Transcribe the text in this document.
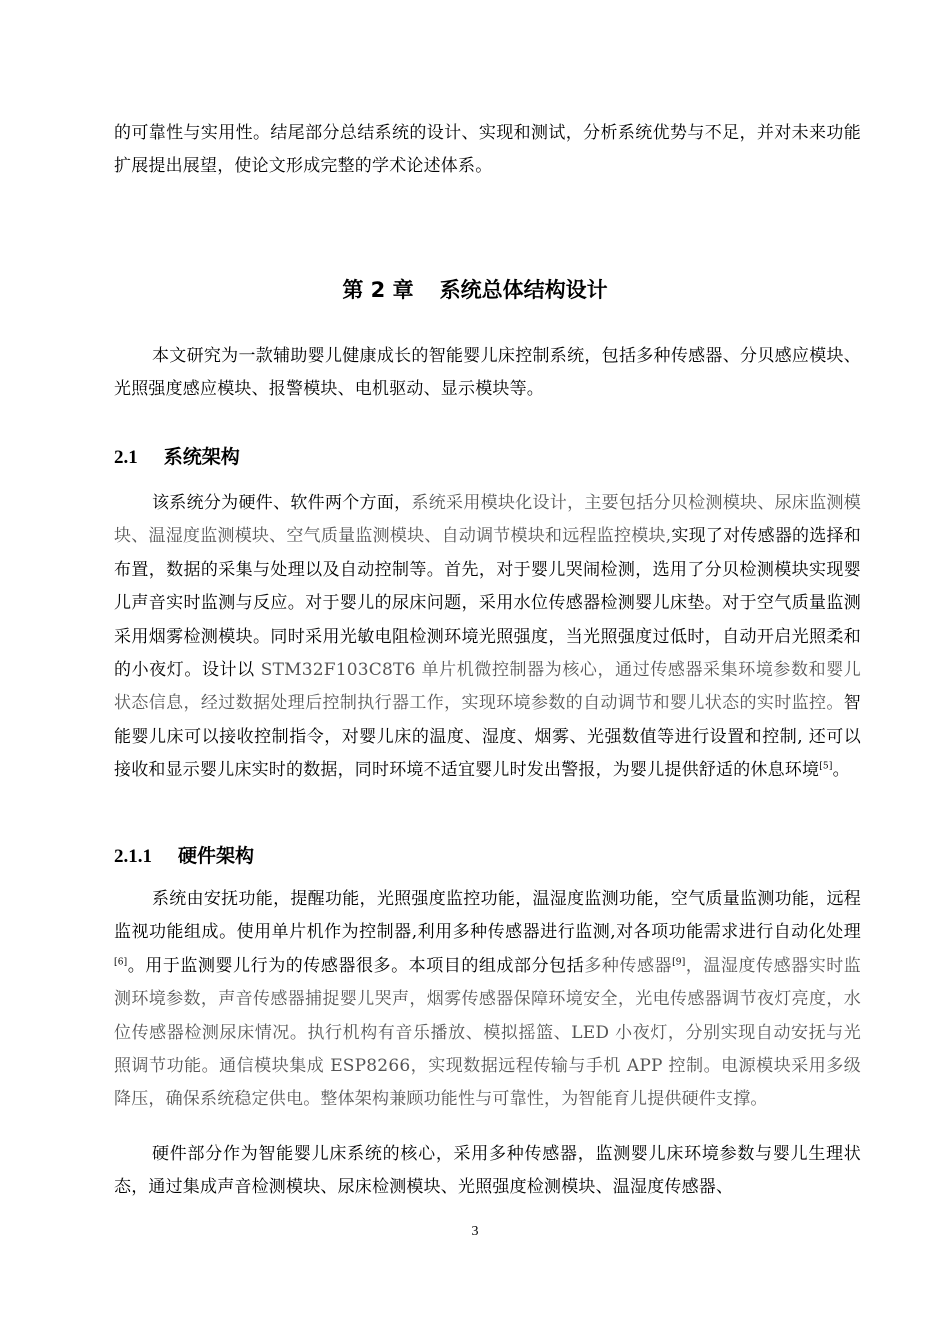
的可靠性与实用性。结尾部分总结系统的设计、实现和测试，分析系统优势与不足，并对未来功能扩展提出展望，使论文形成完整的学术论述体系。

第 2 章 系统总体结构设计

本文研究为一款辅助婴儿健康成长的智能婴儿床控制系统，包括多种传感器、分贝感应模块、光照强度感应模块、报警模块、电机驱动、显示模块等。

2.1 系统架构

该系统分为硬件、软件两个方面，系统采用模块化设计，主要包括分贝检测模块、尿床监测模块、温湿度监测模块、空气质量监测模块、自动调节模块和远程监控模块,实现了对传感器的选择和布置，数据的采集与处理以及自动控制等。首先，对于婴儿哭闹检测，选用了分贝检测模块实现婴儿声音实时监测与反应。对于婴儿的尿床问题，采用水位传感器检测婴儿床垫。对于空气质量监测采用烟雾检测模块。同时采用光敏电阻检测环境光照强度，当光照强度过低时，自动开启光照柔和的小夜灯。设计以 STM32F103C8T6 单片机微控制器为核心，通过传感器采集环境参数和婴儿状态信息，经过数据处理后控制执行器工作，实现环境参数的自动调节和婴儿状态的实时监控。智能婴儿床可以接收控制指令，对婴儿床的温度、湿度、烟雾、光强数值等进行设置和控制, 还可以接收和显示婴儿床实时的数据，同时环境不适宜婴儿时发出警报，为婴儿提供舒适的休息环境[5]。

2.1.1 硬件架构

系统由安抚功能，提醒功能，光照强度监控功能，温湿度监测功能，空气质量监测功能，远程监视功能组成。使用单片机作为控制器,利用多种传感器进行监测,对各项功能需求进行自动化处理[6]。用于监测婴儿行为的传感器很多。本项目的组成部分包括多种传感器[9]，温湿度传感器实时监测环境参数，声音传感器捕捉婴儿哭声，烟雾传感器保障环境安全，光电传感器调节夜灯亮度，水位传感器检测尿床情况。执行机构有音乐播放、模拟摇篮、LED 小夜灯，分别实现自动安抚与光照调节功能。通信模块集成 ESP8266，实现数据远程传输与手机 APP 控制。电源模块采用多级降压，确保系统稳定供电。整体架构兼顾功能性与可靠性，为智能育儿提供硬件支撑。

硬件部分作为智能婴儿床系统的核心，采用多种传感器，监测婴儿床环境参数与婴儿生理状态，通过集成声音检测模块、尿床检测模块、光照强度检测模块、温湿度传感器、

3
